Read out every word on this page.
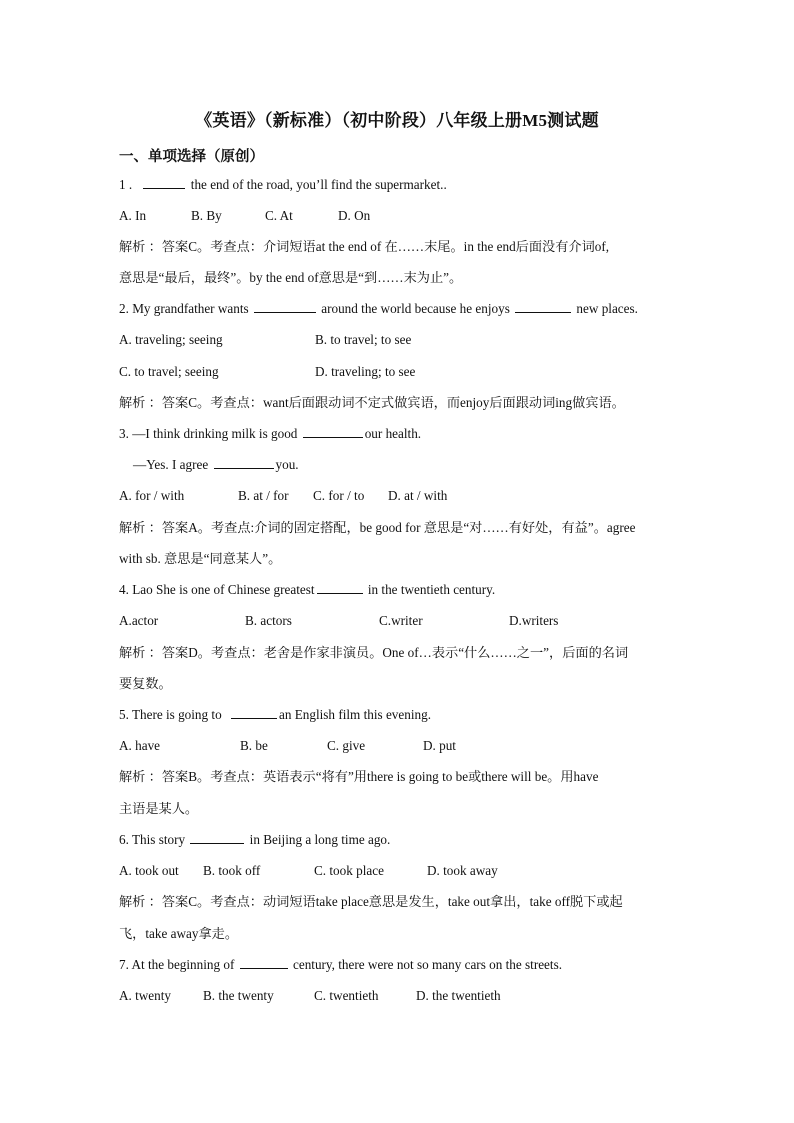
《英语》（新标准）（初中阶段）八年级上册M5测试题
一、单项选择（原创）
1 .	the end of the road, you’ll find the supermarket..
A. In	B. By	C. At	D. On
解析 ：答案C。考查点：介词短语at the end of 在……末尾。in the end后面没有介词of,
意思是“最后，最终”。by the end of意思是“到……末为止”。
2. My grandfather wants	around the world because he enjoys	new places.
A. traveling; seeing	B. to travel; to see
C. to travel; seeing	D. traveling; to see
解析 ：答案C。考查点：want后面跟动词不定式做宾语，而enjoy后面跟动词ing做宾语。
3. —I think drinking milk is good	our health.
—Yes. I agree	you.
A. for / with	B. at / for C. for / to D. at / with
解析 ：答案A。考查点:介词的固定搭配，be good for 意思是“对……有好处，有益”。agree
with sb. 意思是“同意某人”。
4. Lao She is one of Chinese greatest	in the twentieth century.
A.actor	B. actors	C.writer	D.writers
解析 ：答案D。考查点：老舍是作家非演员。One of…表示“什么……之一”，后面的名词
要复数。
5. There is going to	an English film this evening.
A. have	B. be	C. give	D. put
解析 ：答案B。考查点：英语表示“将有”用there is going to be或there will be。用have
主语是某人。
6. This story	in Beijing a long time ago.
A. took out B. took off	C. took place	D. took away
解析 ：答案C。考查点：动词短语take place意思是发生，take out拿出，take off脱下或起
飞，take away拿走。
7. At the beginning of	century, there were not so many cars on the streets.
A. twenty B. the twenty	C. twentieth	D. the twentieth
